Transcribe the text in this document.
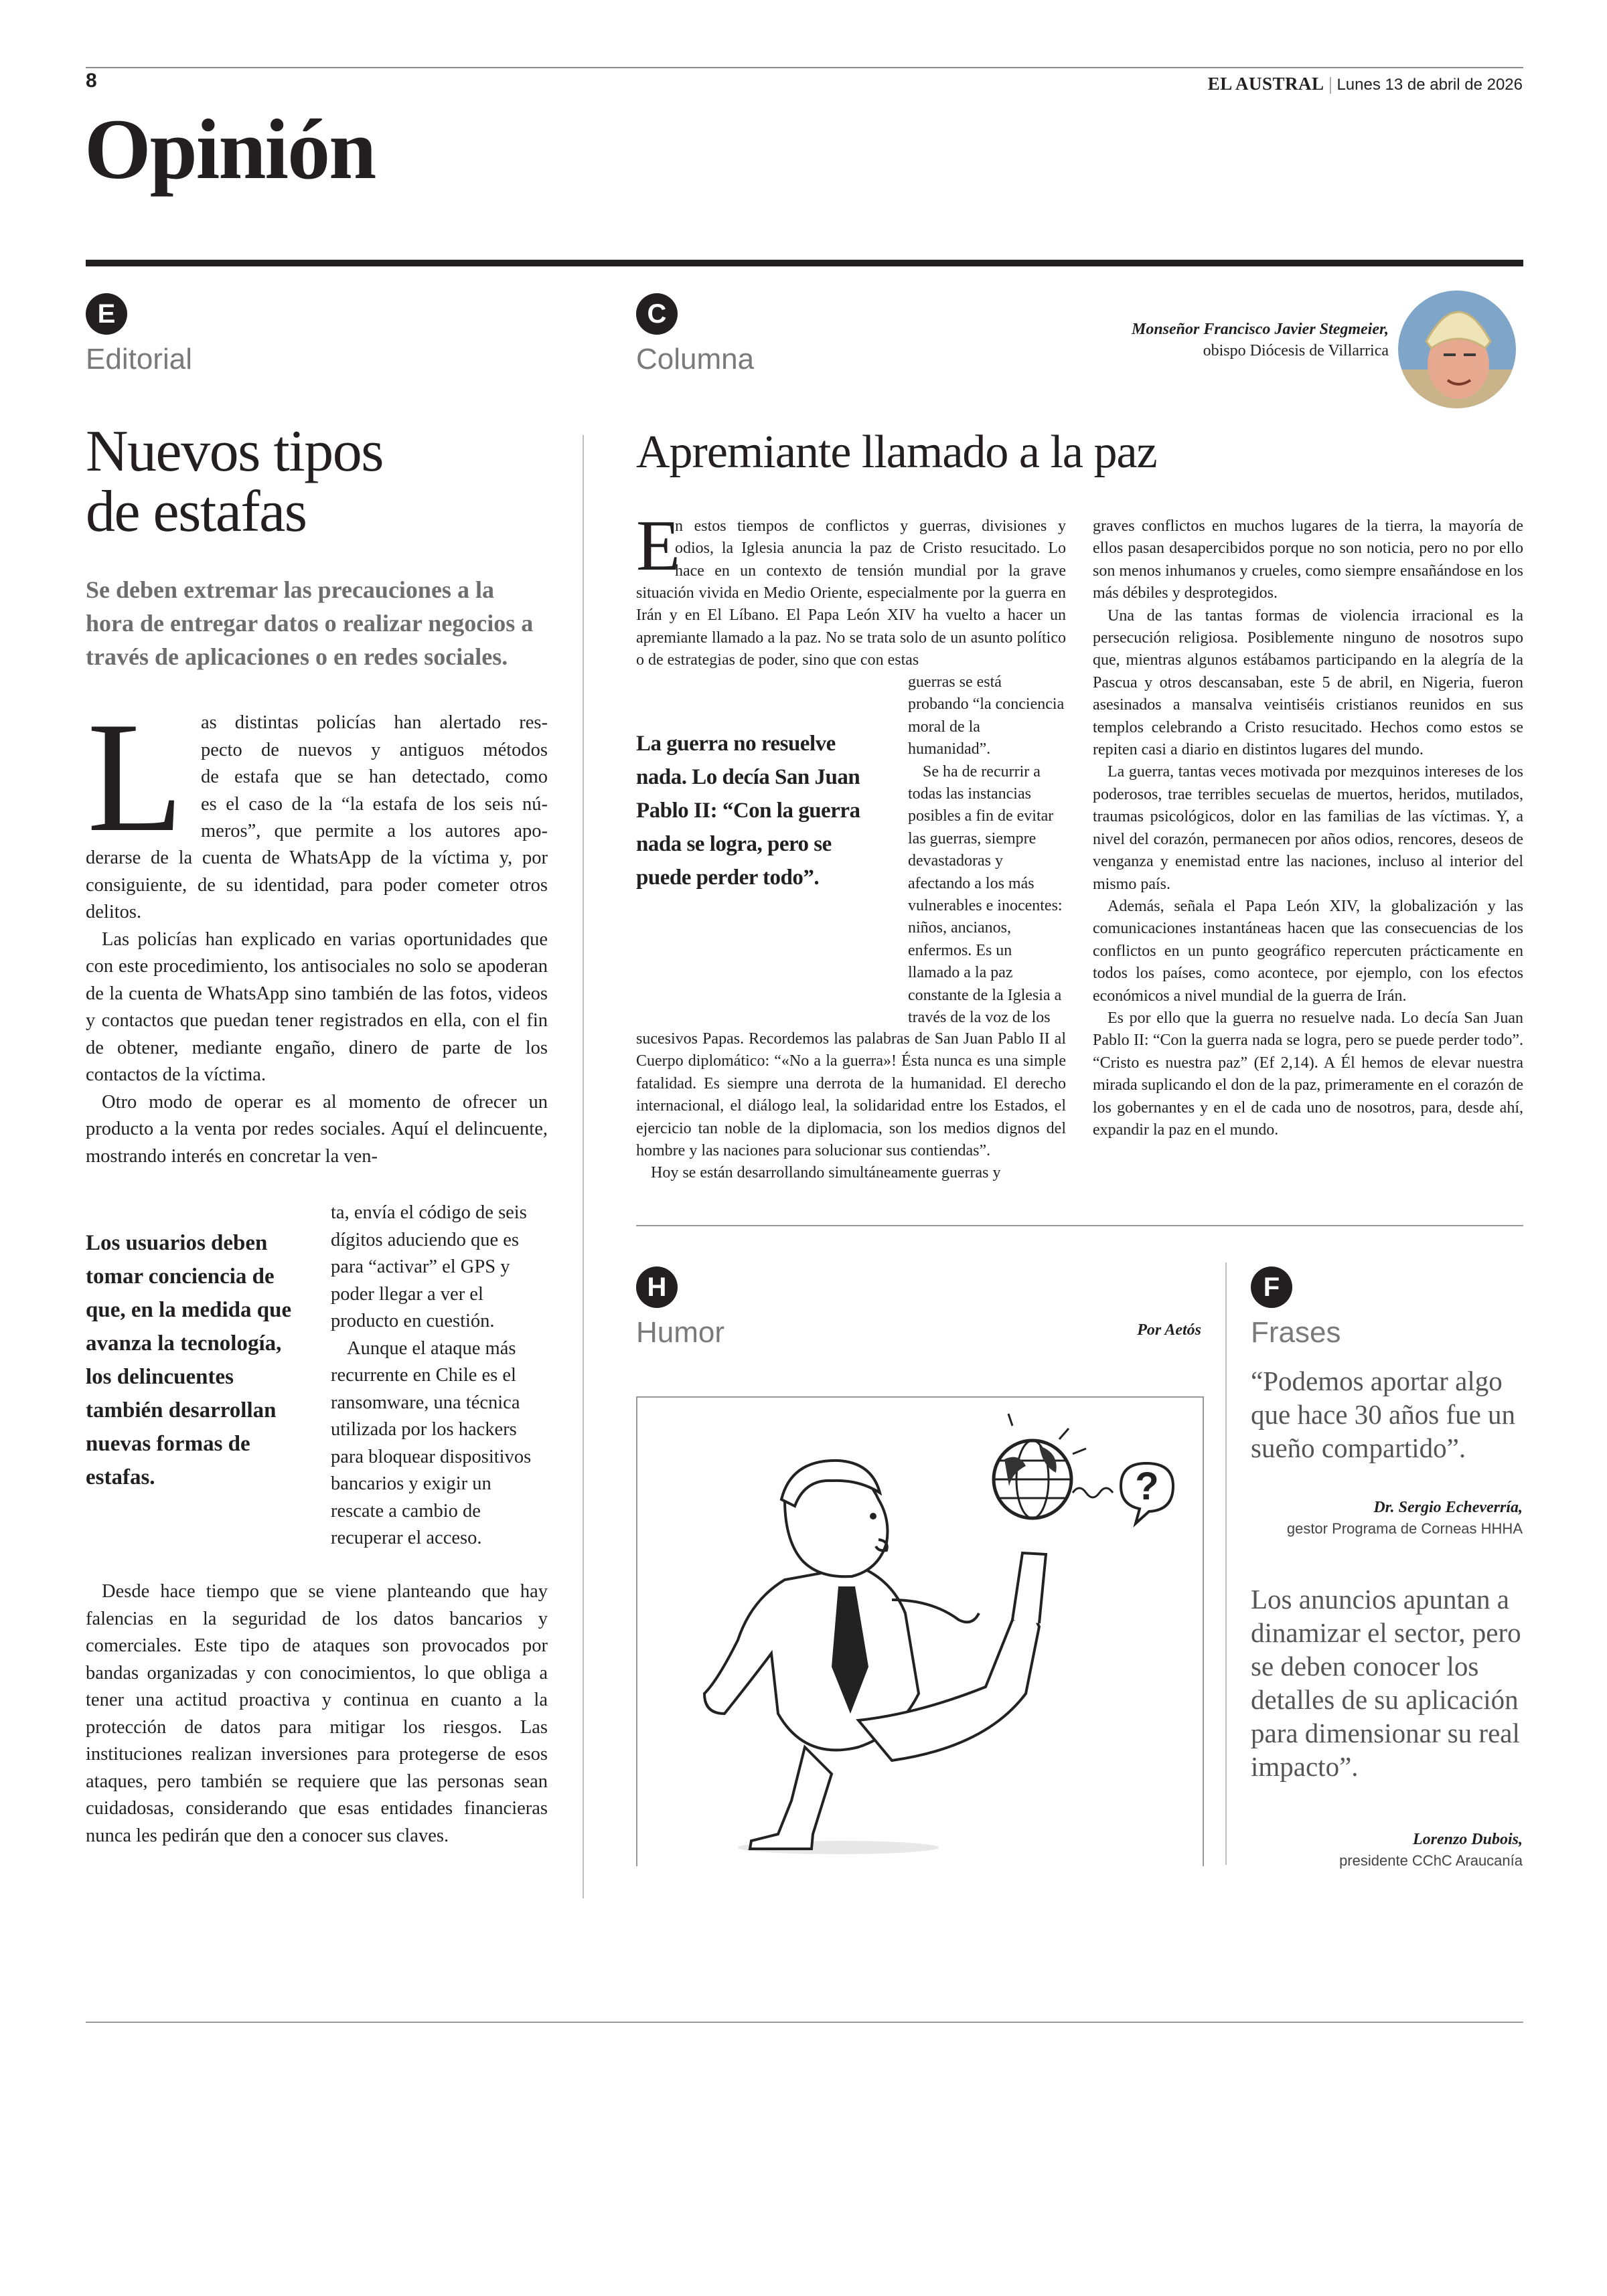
8	EL AUSTRAL | Lunes 13 de abril de 2026
Opinión
E
Editorial
Nuevos tipos
de estafas
Se deben extremar las precauciones a la hora de entregar datos o realizar negocios a través de aplicaciones o en redes sociales.
L as distintas policías han alertado res-
pecto de nuevos y antiguos métodos
de estafa que se han detectado, como
es el caso de la “la estafa de los seis nú-
meros”, que permite a los autores apo-

derarse de la cuenta de WhatsApp de la víctima y, por consiguiente, de su identidad, para poder cometer otros delitos.

Las policías han explicado en varias oportunidades que con este procedimiento, los antisociales no solo se apoderan de la cuenta de WhatsApp sino también de las fotos, videos y contactos que puedan tener registrados en ella, con el fin de obtener, mediante engaño, dinero de parte de los contactos de la víctima.

Otro modo de operar es al momento de ofrecer un producto a la venta por redes sociales. Aquí el delincuente, mostrando interés en concretar la ven-

Los usuarios deben tomar conciencia de que, en la medida que avanza la tecnología, los delincuentes también desarrollan nuevas formas de estafas.

ta, envía el código de seis dígitos aduciendo que es para “activar” el GPS y poder llegar a ver el producto en cuestión.

Aunque el ataque más recurrente en Chile es el ransomware, una técnica utilizada por los hackers para bloquear dispositivos bancarios y exigir un rescate a cambio de recuperar el acceso.

Desde hace tiempo que se viene planteando que hay falencias en la seguridad de los datos bancarios y comerciales. Este tipo de ataques son provocados por bandas organizadas y con conocimientos, lo que obliga a tener una actitud proactiva y continua en cuanto a la protección de datos para mitigar los riesgos. Las instituciones realizan inversiones para protegerse de esos ataques, pero también se requiere que las personas sean cuidadosas, considerando que esas entidades financieras nunca les pedirán que den a conocer sus claves.

C
Columna
Monseñor Francisco Javier Stegmeier,
obispo Diócesis de Villarrica
Apremiante llamado a la paz
E
n estos tiempos de conflictos y guerras, divisiones y
odios, la Iglesia anuncia la paz de Cristo resucitado. Lo
hace en un contexto de tensión mundial por la grave

situación vivida en Medio Oriente, especialmente por la guerra en Irán y en El Líbano. El Papa León XIV ha vuelto a hacer un apremiante llamado a la paz. No se trata solo de un asunto político o de estrategias de poder, sino que con estas

La guerra no resuelve nada. Lo decía San Juan Pablo II: “Con la guerra nada se logra, pero se puede perder todo”.

guerras se está probando “la conciencia moral de la humanidad”.

Se ha de recurrir a todas las instancias posibles a fin de evitar las guerras, siempre devastadoras y afectando a los más vulnerables e inocentes: niños, ancianos, enfermos. Es un llamado a la paz constante de la Iglesia a través de la voz de los

sucesivos Papas. Recordemos las palabras de San Juan Pablo II al Cuerpo diplomático: “«No a la guerra»! Ésta nunca es una simple fatalidad. Es siempre una derrota de la humanidad. El derecho internacional, el diálogo leal, la solidaridad entre los Estados, el ejercicio tan noble de la diplomacia, son los medios dignos del hombre y las naciones para solucionar sus contiendas”.

Hoy se están desarrollando simultáneamente guerras y

graves conflictos en muchos lugares de la tierra, la mayoría de ellos pasan desapercibidos porque no son noticia, pero no por ello son menos inhumanos y crueles, como siempre ensañándose en los más débiles y desprotegidos.

Una de las tantas formas de violencia irracional es la persecución religiosa. Posiblemente ninguno de nosotros supo que, mientras algunos estábamos participando en la alegría de la Pascua y otros descansaban, este 5 de abril, en Nigeria, fueron asesinados a mansalva veintiséis cristianos reunidos en sus templos celebrando a Cristo resucitado. Hechos como estos se repiten casi a diario en distintos lugares del mundo.

La guerra, tantas veces motivada por mezquinos intereses de los poderosos, trae terribles secuelas de muertos, heridos, mutilados, traumas psicológicos, dolor en las familias de las víctimas. Y, a nivel del corazón, permanecen por años odios, rencores, deseos de venganza y enemistad entre las naciones, incluso al interior del mismo país.

Además, señala el Papa León XIV, la globalización y las comunicaciones instantáneas hacen que las consecuencias de los conflictos en un punto geográfico repercuten prácticamente en todos los países, como acontece, por ejemplo, con los efectos económicos a nivel mundial de la guerra de Irán.

Es por ello que la guerra no resuelve nada. Lo decía San Juan Pablo II: “Con la guerra nada se logra, pero se puede perder todo”. “Cristo es nuestra paz” (Ef 2,14). A Él hemos de elevar nuestra mirada suplicando el don de la paz, primeramente en el corazón de los gobernantes y en el de cada uno de nosotros, para, desde ahí, expandir la paz en el mundo.

H
Humor	Por Aetós
?
F
Frases
“Podemos aportar algo que hace 30 años fue un sueño compartido”.
Dr. Sergio Echeverría,
gestor Programa de Corneas HHHA
Los anuncios apuntan a dinamizar el sector, pero se deben conocer los detalles de su aplicación para dimensionar su real impacto”.
Lorenzo Dubois,
presidente CChC Araucanía
